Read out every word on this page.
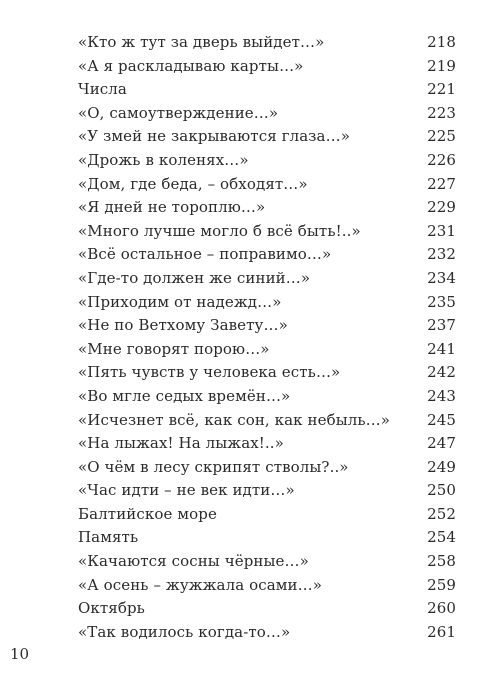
«Кто ж тут за дверь выйдет…»	218
«А я раскладываю карты…»	219
Числа	221
«О, самоутверждение…»	223
«У змей не закрываются глаза…»	225
«Дрожь в коленях…»	226
«Дом, где беда, – обходят…»	227
«Я дней не тороплю…»	229
«Много лучше могло б всё быть!..»	231
«Всё остальное – поправимо…»	232
«Где-то должен же синий…»	234
«Приходим от надежд…»	235
«Не по Ветхому Завету…»	237
«Мне говорят порою…»	241
«Пять чувств у человека есть…»	242
«Во мгле седых времён…»	243
«Исчезнет всё, как сон, как небыль…»	245
«На лыжах! На лыжах!..»	247
«О чём в лесу скрипят стволы?..»	249
«Час идти – не век идти…»	250
Балтийское море	252
Память	254
«Качаются сосны чёрные…»	258
«А осень – жужжала осами…»	259
Октябрь	260
«Так водилось когда-то…»	261
10
